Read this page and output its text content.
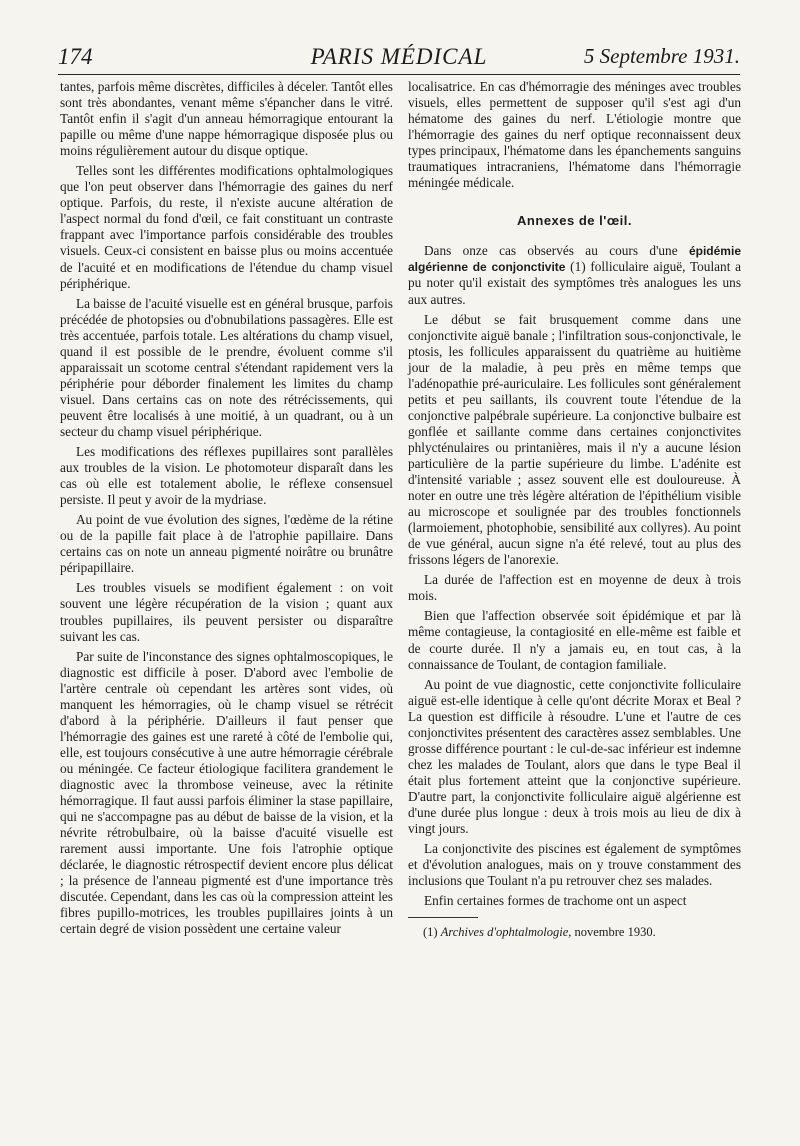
174	PARIS MÉDICAL	5 Septembre 1931.

tantes, parfois même discrètes, difficiles à déceler. Tantôt elles sont très abondantes, venant même s'épancher dans le vitré. Tantôt enfin il s'agit d'un anneau hémorragique entourant la papille ou même d'une nappe hémorragique disposée plus ou moins régulièrement autour du disque optique.

Telles sont les différentes modifications ophtalmologiques que l'on peut observer dans l'hémorragie des gaines du nerf optique. Parfois, du reste, il n'existe aucune altération de l'aspect normal du fond d'œil, ce fait constituant un contraste frappant avec l'importance parfois considérable des troubles visuels. Ceux-ci consistent en baisse plus ou moins accentuée de l'acuité et en modifications de l'étendue du champ visuel périphérique.

La baisse de l'acuité visuelle est en général brusque, parfois précédée de photopsies ou d'obnubilations passagères. Elle est très accentuée, parfois totale. Les altérations du champ visuel, quand il est possible de le prendre, évoluent comme s'il apparaissait un scotome central s'étendant rapidement vers la périphérie pour déborder finalement les limites du champ visuel. Dans certains cas on note des rétrécissements, qui peuvent être localisés à une moitié, à un quadrant, ou à un secteur du champ visuel périphérique.

Les modifications des réflexes pupillaires sont parallèles aux troubles de la vision. Le photomoteur disparaît dans les cas où elle est totalement abolie, le réflexe consensuel persiste. Il peut y avoir de la mydriase.

Au point de vue évolution des signes, l'œdème de la rétine ou de la papille fait place à de l'atrophie papillaire. Dans certains cas on note un anneau pigmenté noirâtre ou brunâtre péripapillaire.

Les troubles visuels se modifient également : on voit souvent une légère récupération de la vision ; quant aux troubles pupillaires, ils peuvent persister ou disparaître suivant les cas.

Par suite de l'inconstance des signes ophtalmoscopiques, le diagnostic est difficile à poser. D'abord avec l'embolie de l'artère centrale où cependant les artères sont vides, où manquent les hémorragies, où le champ visuel se rétrécit d'abord à la périphérie. D'ailleurs il faut penser que l'hémorragie des gaines est une rareté à côté de l'embolie qui, elle, est toujours consécutive à une autre hémorragie cérébrale ou méningée. Ce facteur étiologique facilitera grandement le diagnostic avec la thrombose veineuse, avec la rétinite hémorragique. Il faut aussi parfois éliminer la stase papillaire, qui ne s'accompagne pas au début de baisse de la vision, et la névrite rétrobulbaire, où la baisse d'acuité visuelle est rarement aussi importante. Une fois l'atrophie optique déclarée, le diagnostic rétrospectif devient encore plus délicat ; la présence de l'anneau pigmenté est d'une importance très discutée. Cependant, dans les cas où la compression atteint les fibres pupillo-motrices, les troubles pupillaires joints à un certain degré de vision possèdent une certaine valeur

localisatrice. En cas d'hémorragie des méninges avec troubles visuels, elles permettent de supposer qu'il s'est agi d'un hématome des gaines du nerf. L'étiologie montre que l'hémorragie des gaines du nerf optique reconnaissent deux types principaux, l'hématome dans les épanchements sanguins traumatiques intracraniens, l'hématome dans l'hémorragie méningée médicale.

Annexes de l'œil.

Dans onze cas observés au cours d'une épidémie algérienne de conjonctivite (1) folliculaire aiguë, Toulant a pu noter qu'il existait des symptômes très analogues les uns aux autres.

Le début se fait brusquement comme dans une conjonctivite aiguë banale ; l'infiltration sous-conjonctivale, le ptosis, les follicules apparaissent du quatrième au huitième jour de la maladie, à peu près en même temps que l'adénopathie pré-auriculaire. Les follicules sont généralement petits et peu saillants, ils couvrent toute l'étendue de la conjonctive palpébrale supérieure. La conjonctive bulbaire est gonflée et saillante comme dans certaines conjonctivites phlycténulaires ou printanières, mais il n'y a aucune lésion particulière de la partie supérieure du limbe. L'adénite est d'intensité variable ; assez souvent elle est douloureuse. À noter en outre une très légère altération de l'épithélium visible au microscope et soulignée par des troubles fonctionnels (larmoiement, photophobie, sensibilité aux collyres). Au point de vue général, aucun signe n'a été relevé, tout au plus des frissons légers de l'anorexie.

La durée de l'affection est en moyenne de deux à trois mois.

Bien que l'affection observée soit épidémique et par là même contagieuse, la contagiosité en elle-même est faible et de courte durée. Il n'y a jamais eu, en tout cas, à la connaissance de Toulant, de contagion familiale.

Au point de vue diagnostic, cette conjonctivite folliculaire aiguë est-elle identique à celle qu'ont décrite Morax et Beal ? La question est difficile à résoudre. L'une et l'autre de ces conjonctivites présentent des caractères assez semblables. Une grosse différence pourtant : le cul-de-sac inférieur est indemne chez les malades de Toulant, alors que dans le type Beal il était plus fortement atteint que la conjonctive supérieure. D'autre part, la conjonctivite folliculaire aiguë algérienne est d'une durée plus longue : deux à trois mois au lieu de dix à vingt jours.

La conjonctivite des piscines est également de symptômes et d'évolution analogues, mais on y trouve constamment des inclusions que Toulant n'a pu retrouver chez ses malades.

Enfin certaines formes de trachome ont un aspect

(1) Archives d'ophtalmologie, novembre 1930.
